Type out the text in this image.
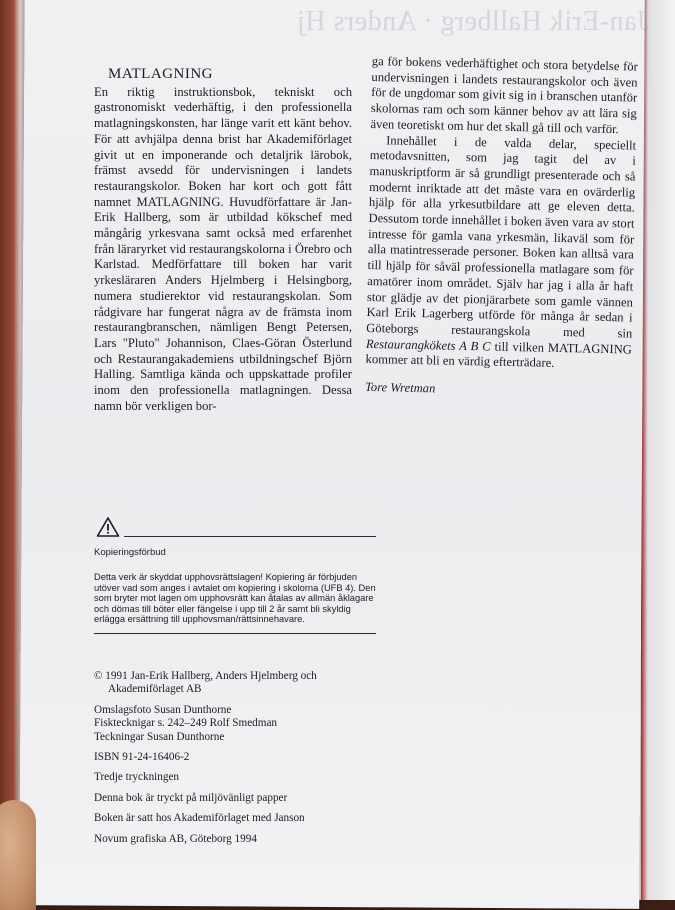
Jan-Erik Hallberg · Anders Hj
MATLAGNING

En riktig instruktionsbok, tekniskt och gastronomiskt vederhäftig, i den professionella matlagningskonsten, har länge varit ett känt behov. För att avhjälpa denna brist har Akademiförlaget givit ut en imponerande och detaljrik lärobok, främst avsedd för undervisningen i landets restaurangskolor. Boken har kort och gott fått namnet MATLAGNING. Huvudförfattare är Jan-Erik Hallberg, som är utbildad kökschef med mångårig yrkesvana samt också med erfarenhet från läraryrket vid restaurangskolorna i Örebro och Karlstad. Medförfattare till boken har varit yrkesläraren Anders Hjelmberg i Helsingborg, numera studierektor vid restaurangskolan. Som rådgivare har fungerat några av de främsta inom restaurangbranschen, nämligen Bengt Petersen, Lars "Pluto" Johannison, Claes-Göran Österlund och Restaurangakademiens utbildningschef Björn Halling. Samtliga kända och uppskattade profiler inom den professionella matlagningen. Dessa namn bör verkligen bor-

ga för bokens vederhäftighet och stora betydelse för undervisningen i landets restaurangskolor och även för de ungdomar som givit sig in i branschen utanför skolornas ram och som känner behov av att lära sig även teoretiskt om hur det skall gå till och varför.

Innehållet i de valda delar, speciellt metodavsnitten, som jag tagit del av i manuskriptform är så grundligt presenterade och så modernt inriktade att det måste vara en ovärderlig hjälp för alla yrkesutbildare att ge eleven detta. Dessutom torde innehållet i boken även vara av stort intresse för gamla vana yrkesmän, likaväl som för alla matintresserade personer. Boken kan alltså vara till hjälp för såväl professionella matlagare som för amatörer inom området. Själv har jag i alla år haft stor glädje av det pionjärarbete som gamle vännen Karl Erik Lagerberg utförde för många år sedan i Göteborgs restaurangskola med sin Restaurangkökets A B C till vilken MATLAGNING kommer att bli en värdig efterträdare.

Tore Wretman

Kopieringsförbud
Detta verk är skyddat upphovsrättslagen! Kopiering är förbjuden utöver vad som anges i avtalet om kopiering i skolorna (UFB 4). Den som bryter mot lagen om upphovsrätt kan åtalas av allmän åklagare och dömas till böter eller fängelse i upp till 2 år samt bli skyldig erlägga ersättning till upphovsman/rättsinnehavare.
© 1991 Jan-Erik Hallberg, Anders Hjelmberg och
Akademiförlaget AB
Omslagsfoto Susan Dunthorne
Fisktecknigar s. 242–249 Rolf Smedman
Teckningar Susan Dunthorne
ISBN 91-24-16406-2
Tredje tryckningen
Denna bok är tryckt på miljövänligt papper
Boken är satt hos Akademiförlaget med Janson
Novum grafiska AB, Göteborg 1994
